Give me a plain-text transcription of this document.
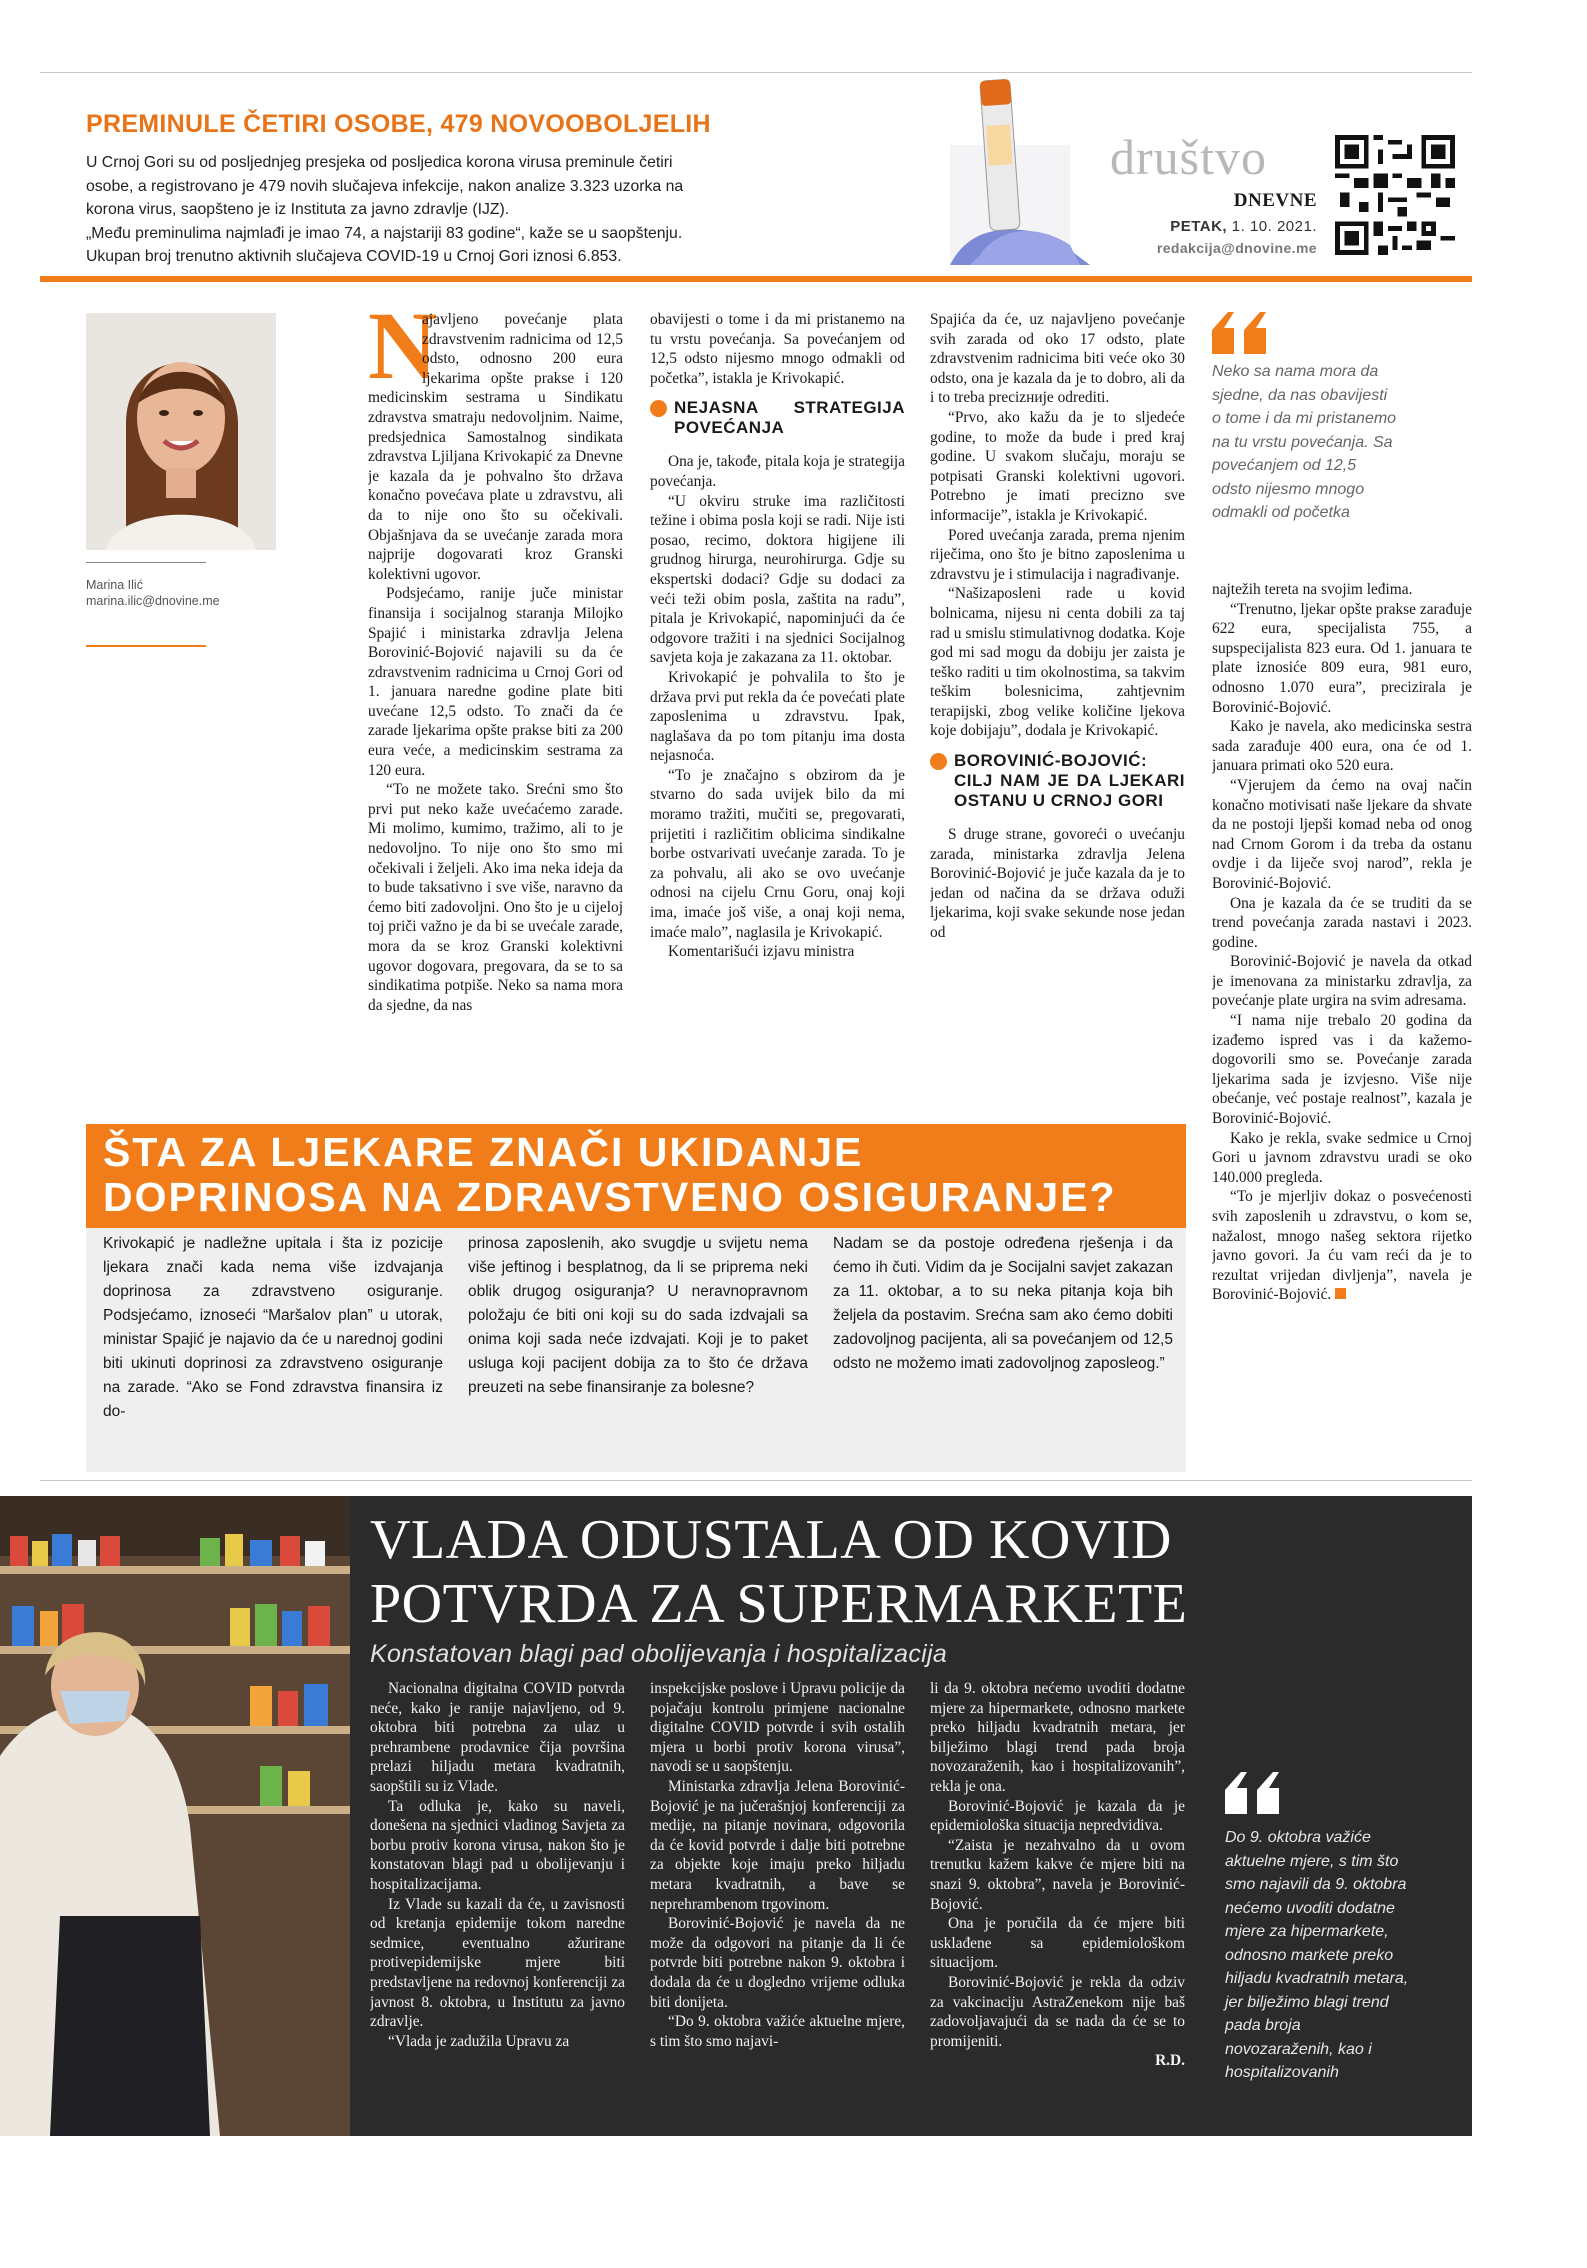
PREMINULE ČETIRI OSOBE, 479 NOVOOBOLJELIH
U Crnoj Gori su od posljednjeg presjeka od posljedica korona virusa preminule četiri
osobe, a registrovano je 479 novih slučajeva infekcije, nakon analize 3.323 uzorka na
korona virus, saopšteno je iz Instituta za javno zdravlje (IJZ).
„Među preminulima najmlađi je imao 74, a najstariji 83 godine“, kaže se u saopštenju.
Ukupan broj trenutno aktivnih slučajeva COVID-19 u Crnoj Gori iznosi 6.853.
društvo
DNEVNE
PETAK, 1. 10. 2021.
redakcija@dnovine.me
Marina Ilić
marina.ilic@dnovine.me
N

ajavljeno povećanje plata zdravstvenim radnicima od 12,5 odsto, odnosno 200 eura ljekarima opšte prakse i 120 medicinskim sestrama u Sindikatu zdravstva smatraju nedovoljnim. Naime, predsjednica Samostalnog sindikata zdravstva Ljiljana Krivokapić za Dnevne je kazala da je pohvalno što država konačno povećava plate u zdravstvu, ali da to nije ono što su očekivali. Objašnjava da se uvećanje zarada mora najprije dogovarati kroz Granski kolektivni ugovor.

Podsjećamo, ranije juče ministar finansija i socijalnog staranja Milojko Spajić i ministarka zdravlja Jelena Borovinić-Bojović najavili su da će zdravstvenim radnicima u Crnoj Gori od 1. januara naredne godine plate biti uvećane 12,5 odsto. To znači da će zarade ljekarima opšte prakse biti za 200 eura veće, a medicinskim sestrama za 120 eura.

“To ne možete tako. Srećni smo što prvi put neko kaže uvećaćemo zarade. Mi molimo, kumimo, tražimo, ali to je nedovoljno. To nije ono što smo mi očekivali i željeli. Ako ima neka ideja da to bude taksativno i sve više, naravno da ćemo biti zadovoljni. Ono što je u cijeloj toj priči važno je da bi se uvećale zarade, mora da se kroz Granski kolektivni ugovor dogovara, pregovara, da se to sa sindikatima potpiše. Neko sa nama mora da sjedne, da nas

obavijesti o tome i da mi pristanemo na tu vrstu povećanja. Sa povećanjem od 12,5 odsto nijesmo mnogo odmakli od početka”, istakla je Krivokapić.

NEJASNA STRATEGIJA POVEĆANJA

Ona je, takođe, pitala koja je strategija povećanja.

“U okviru struke ima različitosti težine i obima posla koji se radi. Nije isti posao, recimo, doktora higijene ili grudnog hirurga, neurohirurga. Gdje su ekspertski dodaci? Gdje su dodaci za veći teži obim posla, zaštita na radu”, pitala je Krivokapić, napominjući da će odgovore tražiti i na sjednici Socijalnog savjeta koja je zakazana za 11. oktobar.

Krivokapić je pohvalila to što je država prvi put rekla da će povećati plate zaposlenima u zdravstvu. Ipak, naglašava da po tom pitanju ima dosta nejasnoća.

“To je značajno s obzirom da je stvarno do sada uvijek bilo da mi moramo tražiti, mučiti se, pregovarati, prijetiti i različitim oblicima sindikalne borbe ostvarivati uvećanje zarada. To je za pohvalu, ali ako se ovo uvećanje odnosi na cijelu Crnu Goru, onaj koji ima, imaće još više, a onaj koji nema, imaće malo”, naglasila je Krivokapić.

Komentarišući izjavu ministra

Spajića da će, uz najavljeno povećanje svih zarada od oko 17 odsto, plate zdravstvenim radnicima biti veće oko 30 odsto, ona je kazala da je to dobro, ali da i to treba precizније odrediti.

“Prvo, ako kažu da je to sljedeće godine, to može da bude i pred kraj godine. U svakom slučaju, moraju se potpisati Granski kolektivni ugovori. Potrebno je imati precizno sve informacije”, istakla je Krivokapić.

Pored uvećanja zarada, prema njenim riječima, ono što je bitno zaposlenima u zdravstvu je i stimulacija i nagrađivanje.

“Našizaposleni rade u kovid bolnicama, nijesu ni centa dobili za taj rad u smislu stimulativnog dodatka. Koje god mi sad mogu da dobiju jer zaista je teško raditi u tim okolnostima, sa takvim teškim bolesnicima, zahtjevnim terapijski, zbog velike količine ljekova koje dobijaju”, dodala je Krivokapić.

BOROVINIĆ-BOJOVIĆ: CILJ NAM JE DA LJEKARI OSTANU U CRNOJ GORI

S druge strane, govoreći o uvećanju zarada, ministarka zdravlja Jelena Borovinić-Bojović je juče kazala da je to jedan od načina da se država oduži ljekarima, koji svake sekunde nose jedan od

Neko sa nama mora da sjedne, da nas obavijesti o tome i da mi pristanemo na tu vrstu povećanja. Sa povećanjem od 12,5 odsto nijesmo mnogo odmakli od početka

najtežih tereta na svojim leđima.

“Trenutno, ljekar opšte prakse zarađuje 622 eura, specijalista 755, a supspecijalista 823 eura. Od 1. januara te plate iznosiće 809 eura, 981 euro, odnosno 1.070 eura”, precizirala je Borovinić-Bojović.

Kako je navela, ako medicinska sestra sada zarađuje 400 eura, ona će od 1. januara primati oko 520 eura.

“Vjerujem da ćemo na ovaj način konačno motivisati naše ljekare da shvate da ne postoji ljepši komad neba od onog nad Crnom Gorom i da treba da ostanu ovdje i da liječe svoj narod”, rekla je Borovinić-Bojović.

Ona je kazala da će se truditi da se trend povećanja zarada nastavi i 2023. godine.

Borovinić-Bojović je navela da otkad je imenovana za ministarku zdravlja, za povećanje plate urgira na svim adresama.

“I nama nije trebalo 20 godina da izađemo ispred vas i da kažemo-dogovorili smo se. Povećanje zarada ljekarima sada je izvjesno. Više nije obećanje, već postaje realnost”, kazala je Borovinić-Bojović.

Kako je rekla, svake sedmice u Crnoj Gori u javnom zdravstvu uradi se oko 140.000 pregleda.

“To je mjerljiv dokaz o posvećenosti svih zaposlenih u zdravstvu, o kom se, nažalost, mnogo našeg sektora rijetko javno govori. Ja ću vam reći da je to rezultat vrijedan divljenja”, navela je Borovinić-Bojović.

ŠTA ZA LJEKARE ZNAČI UKIDANJE
DOPRINOSA NA ZDRAVSTVENO OSIGURANJE?
Krivokapić je nadležne upitala i šta iz pozicije ljekara znači kada nema više izdvajanja doprinosa za zdravstveno osiguranje. Podsjećamo, iznoseći “Maršalov plan” u utorak, ministar Spajić je najavio da će u narednoj godini biti ukinuti doprinosi za zdravstveno osiguranje na zarade. “Ako se Fond zdravstva finansira iz do-
prinosa zaposlenih, ako svugdje u svijetu nema više jeftinog i besplatnog, da li se priprema neki oblik drugog osiguranja? U neravnopravnom položaju će biti oni koji su do sada izdvajali sa onima koji sada neće izdvajati. Koji je to paket usluga koji pacijent dobija za to što će država preuzeti na sebe finansiranje za bolesne?
Nadam se da postoje određena rješenja i da ćemo ih čuti. Vidim da je Socijalni savjet zakazan za 11. oktobar, a to su neka pitanja koja bih željela da postavim. Srećna sam ako ćemo dobiti zadovoljnog pacijenta, ali sa povećanjem od 12,5 odsto ne možemo imati zadovoljnog zaposleog.”
VLADA ODUSTALA OD KOVID
POTVRDA ZA SUPERMARKETE
Konstatovan blagi pad obolijevanja i hospitalizacija

Nacionalna digitalna COVID potvrda neće, kako je ranije najavljeno, od 9. oktobra biti potrebna za ulaz u prehrambene prodavnice čija površina prelazi hiljadu metara kvadratnih, saopštili su iz Vlade.

Ta odluka je, kako su naveli, donešena na sjednici vladinog Savjeta za borbu protiv korona virusa, nakon što je konstatovan blagi pad u obolijevanju i hospitalizacijama.

Iz Vlade su kazali da će, u zavisnosti od kretanja epidemije tokom naredne sedmice, eventualno ažurirane protivepidemijske mjere biti predstavljene na redovnoj konferenciji za javnost 8. oktobra, u Institutu za javno zdravlje.

“Vlada je zadužila Upravu za

inspekcijske poslove i Upravu policije da pojačaju kontrolu primjene nacionalne digitalne COVID potvrde i svih ostalih mjera u borbi protiv korona virusa”, navodi se u saopštenju.

Ministarka zdravlja Jelena Borovinić-Bojović je na jučerašnjoj konferenciji za medije, na pitanje novinara, odgovorila da će kovid potvrde i dalje biti potrebne za objekte koje imaju preko hiljadu metara kvadratnih, a bave se neprehrambenom trgovinom.

Borovinić-Bojović je navela da ne može da odgovori na pitanje da li će potvrde biti potrebne nakon 9. oktobra i dodala da će u dogledno vrijeme odluka biti donijeta.

“Do 9. oktobra važiće aktuelne mjere, s tim što smo najavi-

li da 9. oktobra nećemo uvoditi dodatne mjere za hipermarkete, odnosno markete preko hiljadu kvadratnih metara, jer bilježimo blagi trend pada broja novozaraženih, kao i hospitalizovanih”, rekla je ona.

Borovinić-Bojović je kazala da je epidemiološka situacija nepredvidiva.

“Zaista je nezahvalno da u ovom trenutku kažem kakve će mjere biti na snazi 9. oktobra”, navela je Borovinić-Bojović.

Ona je poručila da će mjere biti usklađene sa epidemiološkom situacijom.

Borovinić-Bojović je rekla da odziv za vakcinaciju AstraZenekom nije baš zadovoljavajući da se nada da će se to promijeniti.

R.D.
Do 9. oktobra važiće aktuelne mjere, s tim što smo najavili da 9. oktobra nećemo uvoditi dodatne mjere za hipermarkete, odnosno markete preko hiljadu kvadratnih metara, jer bilježimo blagi trend pada broja novozaraženih, kao i hospitalizovanih
